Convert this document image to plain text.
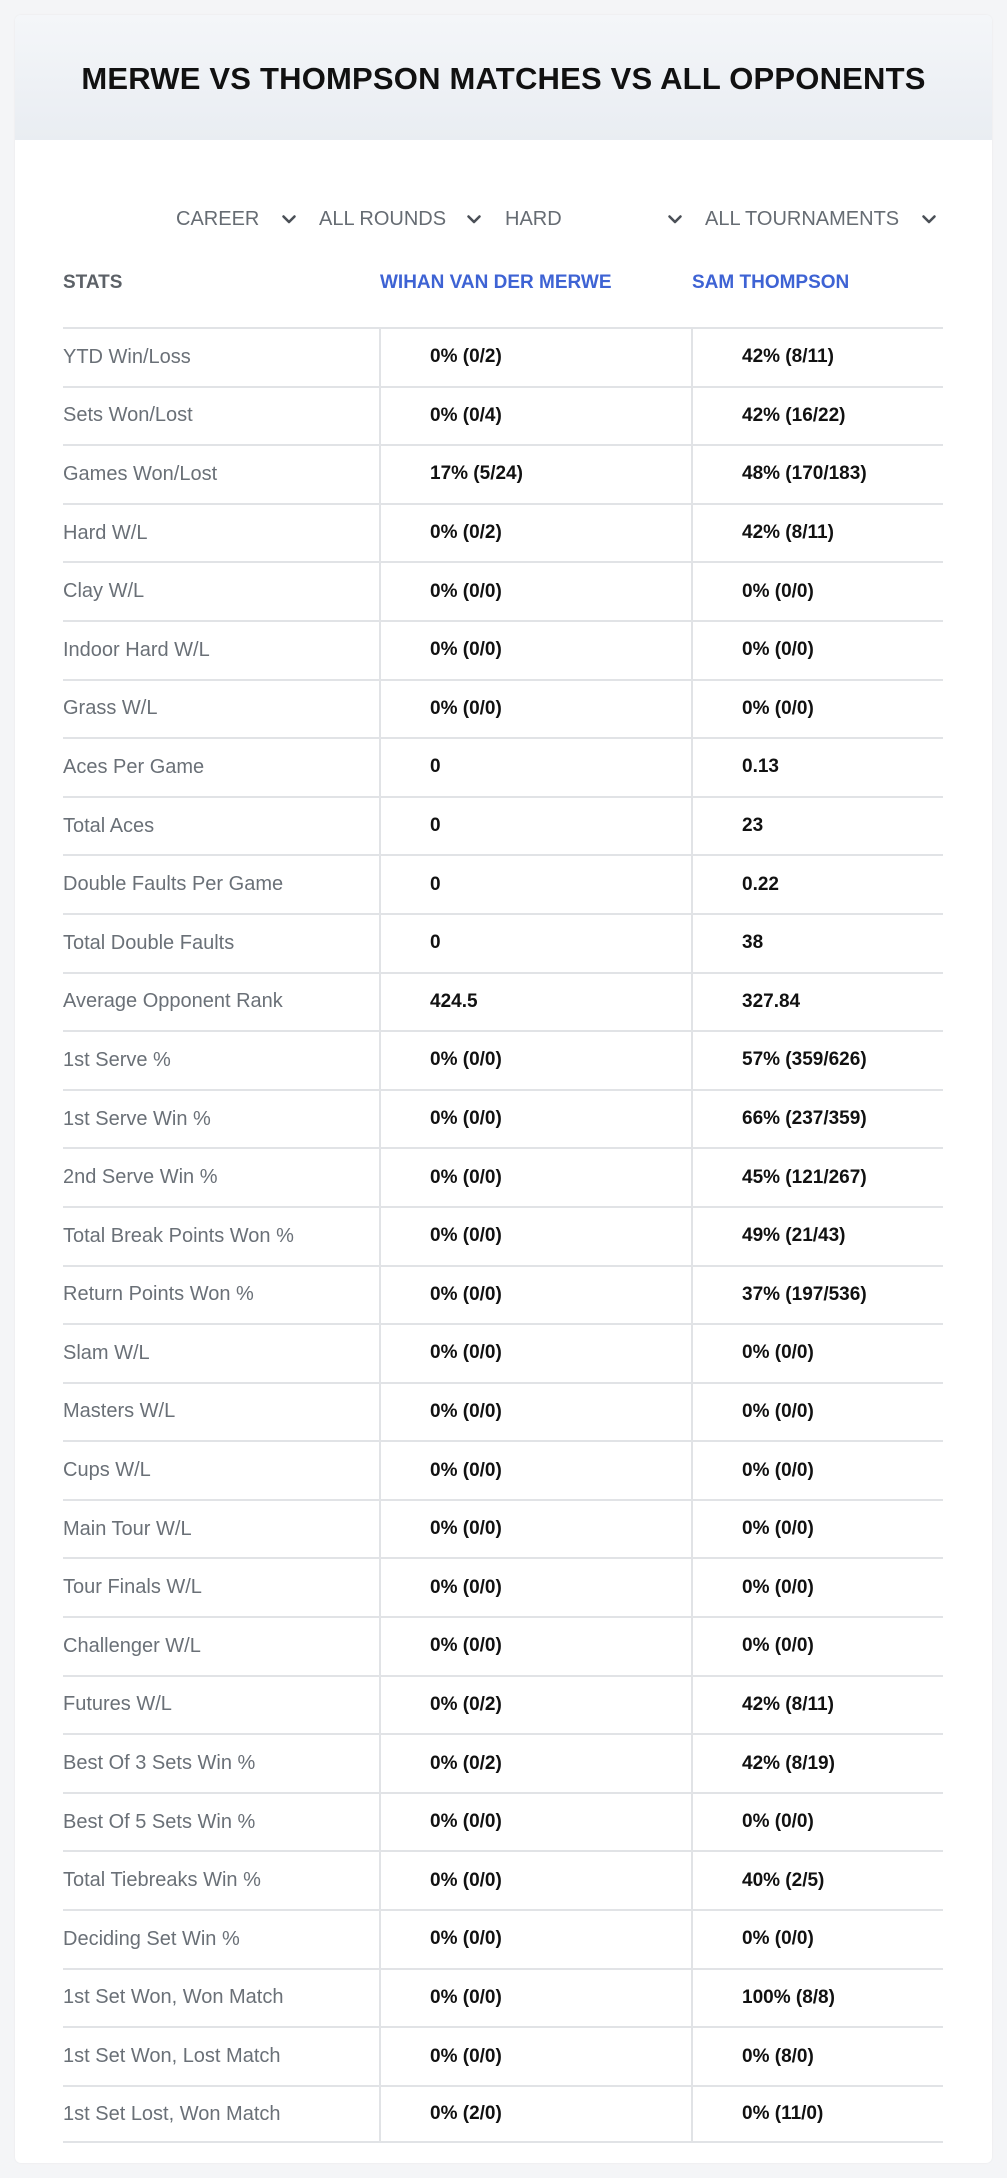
MERWE VS THOMPSON MATCHES VS ALL OPPONENTS
CAREER	ALL ROUNDS	HARD	ALL TOURNAMENTS
STATS	WIHAN VAN DER MERWE	SAM THOMPSON
YTD Win/Loss	0% (0/2)	42% (8/11)
Sets Won/Lost	0% (0/4)	42% (16/22)
Games Won/Lost	17% (5/24)	48% (170/183)
Hard W/L	0% (0/2)	42% (8/11)
Clay W/L	0% (0/0)	0% (0/0)
Indoor Hard W/L	0% (0/0)	0% (0/0)
Grass W/L	0% (0/0)	0% (0/0)
Aces Per Game	0	0.13
Total Aces	0	23
Double Faults Per Game	0	0.22
Total Double Faults	0	38
Average Opponent Rank	424.5	327.84
1st Serve %	0% (0/0)	57% (359/626)
1st Serve Win %	0% (0/0)	66% (237/359)
2nd Serve Win %	0% (0/0)	45% (121/267)
Total Break Points Won %	0% (0/0)	49% (21/43)
Return Points Won %	0% (0/0)	37% (197/536)
Slam W/L	0% (0/0)	0% (0/0)
Masters W/L	0% (0/0)	0% (0/0)
Cups W/L	0% (0/0)	0% (0/0)
Main Tour W/L	0% (0/0)	0% (0/0)
Tour Finals W/L	0% (0/0)	0% (0/0)
Challenger W/L	0% (0/0)	0% (0/0)
Futures W/L	0% (0/2)	42% (8/11)
Best Of 3 Sets Win %	0% (0/2)	42% (8/19)
Best Of 5 Sets Win %	0% (0/0)	0% (0/0)
Total Tiebreaks Win %	0% (0/0)	40% (2/5)
Deciding Set Win %	0% (0/0)	0% (0/0)
1st Set Won, Won Match	0% (0/0)	100% (8/8)
1st Set Won, Lost Match	0% (0/0)	0% (8/0)
1st Set Lost, Won Match	0% (2/0)	0% (11/0)
